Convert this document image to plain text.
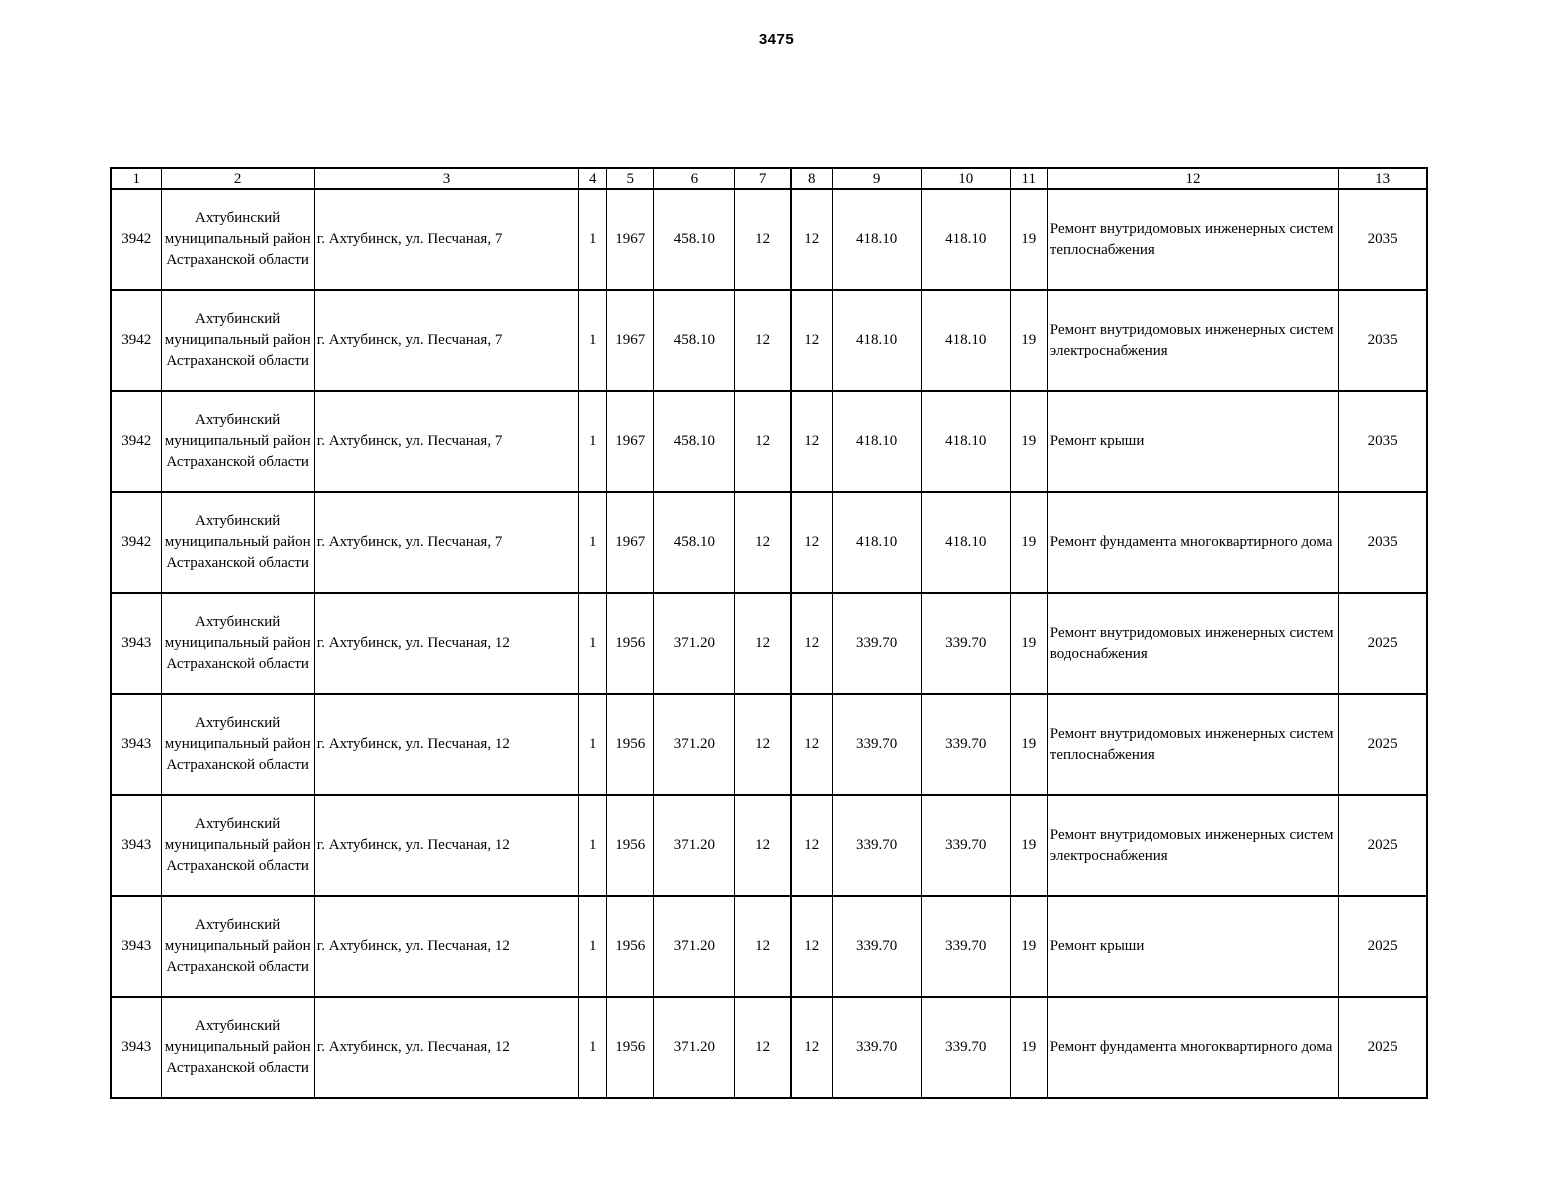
3475
1	2	3	4	5	6	7	8	9	10	11	12	13
3942	Ахтубинский муниципальный район Астраханской области	г. Ахтубинск, ул. Песчаная, 7	1	1967	458.10	12	12	418.10	418.10	19	Ремонт внутридомовых инженерных систем теплоснабжения	2035
3942	Ахтубинский муниципальный район Астраханской области	г. Ахтубинск, ул. Песчаная, 7	1	1967	458.10	12	12	418.10	418.10	19	Ремонт внутридомовых инженерных систем электроснабжения	2035
3942	Ахтубинский муниципальный район Астраханской области	г. Ахтубинск, ул. Песчаная, 7	1	1967	458.10	12	12	418.10	418.10	19	Ремонт крыши	2035
3942	Ахтубинский муниципальный район Астраханской области	г. Ахтубинск, ул. Песчаная, 7	1	1967	458.10	12	12	418.10	418.10	19	Ремонт фундамента многоквартирного дома	2035
3943	Ахтубинский муниципальный район Астраханской области	г. Ахтубинск, ул. Песчаная, 12	1	1956	371.20	12	12	339.70	339.70	19	Ремонт внутридомовых инженерных систем водоснабжения	2025
3943	Ахтубинский муниципальный район Астраханской области	г. Ахтубинск, ул. Песчаная, 12	1	1956	371.20	12	12	339.70	339.70	19	Ремонт внутридомовых инженерных систем теплоснабжения	2025
3943	Ахтубинский муниципальный район Астраханской области	г. Ахтубинск, ул. Песчаная, 12	1	1956	371.20	12	12	339.70	339.70	19	Ремонт внутридомовых инженерных систем электроснабжения	2025
3943	Ахтубинский муниципальный район Астраханской области	г. Ахтубинск, ул. Песчаная, 12	1	1956	371.20	12	12	339.70	339.70	19	Ремонт крыши	2025
3943	Ахтубинский муниципальный район Астраханской области	г. Ахтубинск, ул. Песчаная, 12	1	1956	371.20	12	12	339.70	339.70	19	Ремонт фундамента многоквартирного дома	2025
